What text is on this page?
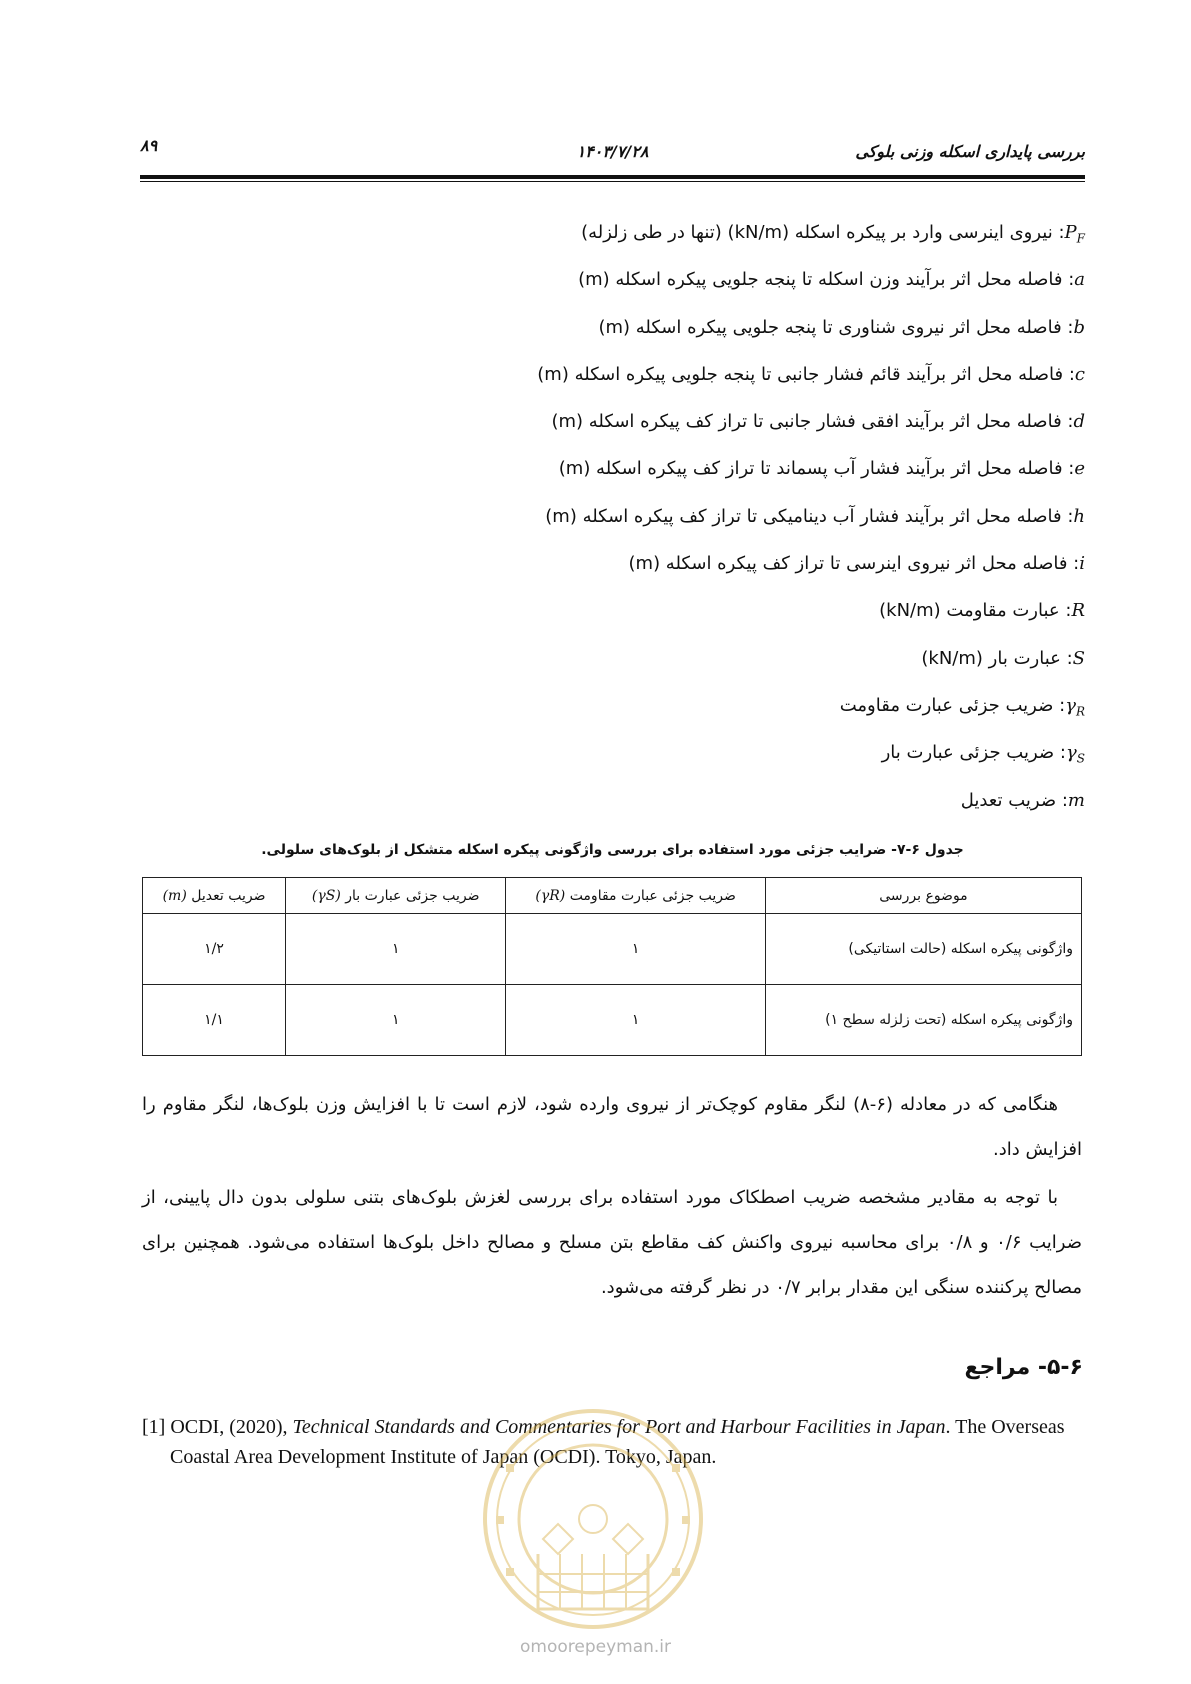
بررسی پایداری اسکله وزنی بلوکی
۱۴۰۳/۷/۲۸
۸۹
$P_F$: نیروی اینرسی وارد بر پیکره اسکله (kN/m) (تنها در طی زلزله)
a: فاصله محل اثر برآیند وزن اسکله تا پنجه جلویی پیکره اسکله (m)
b: فاصله محل اثر نیروی شناوری تا پنجه جلویی پیکره اسکله (m)
c: فاصله محل اثر برآیند قائم فشار جانبی تا پنجه جلویی پیکره اسکله (m)
d: فاصله محل اثر برآیند افقی فشار جانبی تا تراز کف پیکره اسکله (m)
e: فاصله محل اثر برآیند فشار آب پسماند تا تراز کف پیکره اسکله (m)
h: فاصله محل اثر برآیند فشار آب دینامیکی تا تراز کف پیکره اسکله (m)
i: فاصله محل اثر نیروی اینرسی تا تراز کف پیکره اسکله (m)
R: عبارت مقاومت (kN/m)
S: عبارت بار (kN/m)
$\gamma_R$: ضریب جزئی عبارت مقاومت
$\gamma_S$: ضریب جزئی عبارت بار
m: ضریب تعدیل
جدول ۶-۷- ضرایب جزئی مورد استفاده برای بررسی واژگونی پیکره اسکله متشکل از بلوک‌های سلولی.
موضوع بررسی	ضریب جزئی عبارت مقاومت (γR)	ضریب جزئی عبارت بار (γS)	ضریب تعدیل (m)
واژگونی پیکره اسکله (حالت استاتیکی)	۱	۱	۱/۲
واژگونی پیکره اسکله (تحت زلزله سطح ۱)	۱	۱	۱/۱

هنگامی که در معادله (۶-۸) لنگر مقاوم کوچک‌تر از نیروی وارده شود، لازم است تا با افزایش وزن بلوک‌ها، لنگر مقاوم را افزایش داد.

با توجه به مقادیر مشخصه ضریب اصطکاک مورد استفاده برای بررسی لغزش بلوک‌های بتنی سلولی بدون دال پایینی، از ضرایب ۰/۶ و ۰/۸ برای محاسبه نیروی واکنش کف مقاطع بتن مسلح و مصالح داخل بلوک‌ها استفاده می‌شود. همچنین برای مصالح پرکننده سنگی این مقدار برابر ۰/۷ در نظر گرفته می‌شود.

۵-۶- مراجع

[1] OCDI, (2020), Technical Standards and Commentaries for Port and Harbour Facilities in Japan. The Overseas Coastal Area Development Institute of Japan (OCDI). Tokyo, Japan.

omoorepeyman.ir
